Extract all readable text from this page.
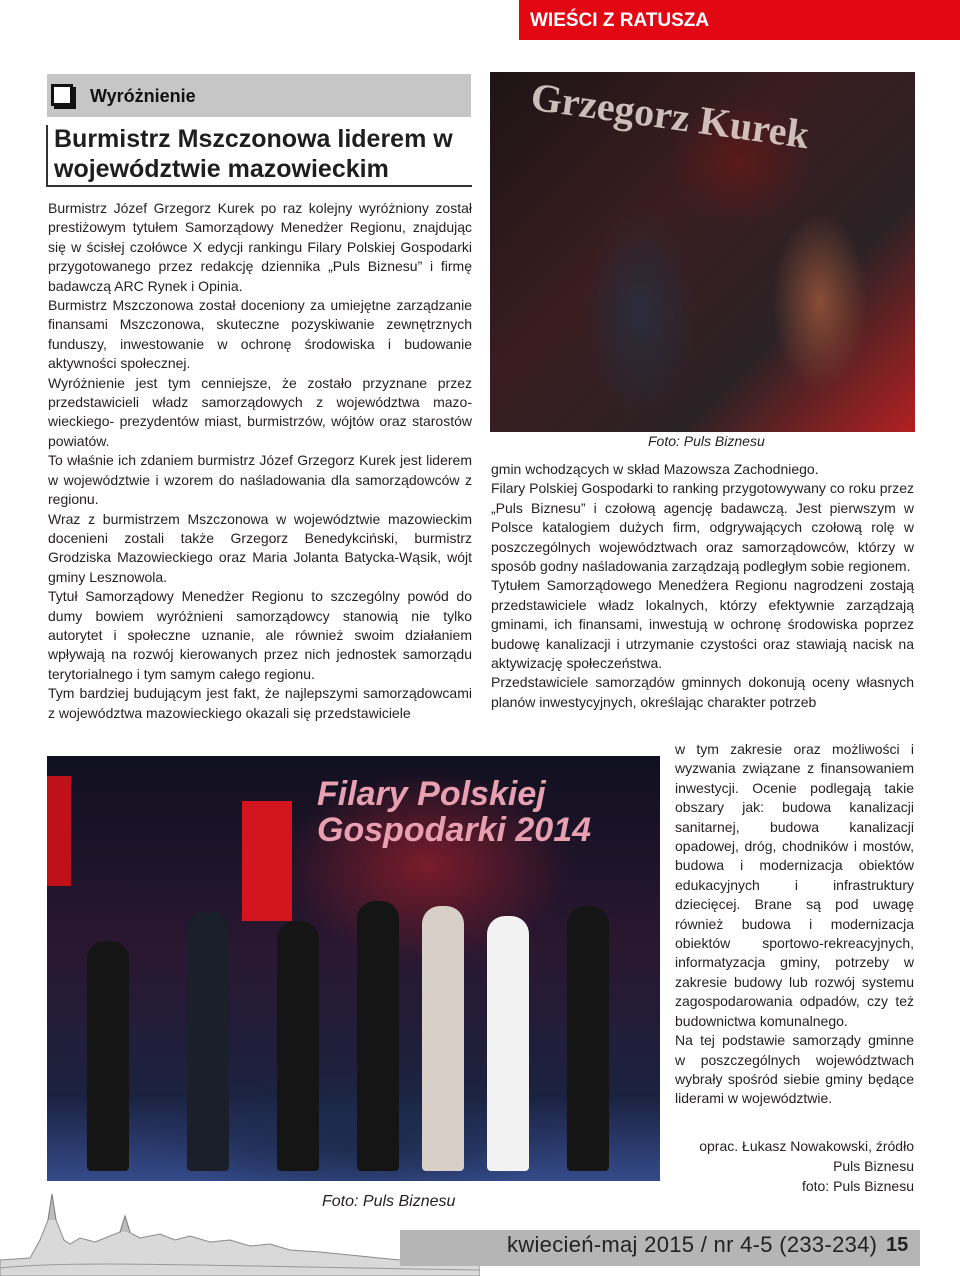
WIEŚCI Z RATUSZA
Wyróżnienie
Burmistrz Mszczonowa liderem w województwie mazowieckim

Burmistrz Józef Grzegorz Kurek po raz kolejny wyróżniony został prestiżowym tytułem Samorządowy Menedżer Regionu, znajdując się w ścisłej czołówce X edycji rankingu Filary Polskiej Gospodarki przygotowanego przez redakcję dziennika „Puls Biznesu” i firmę badawczą ARC Rynek i Opinia.

Burmistrz Mszczonowa został doceniony za umiejętne zarządzanie finansami Mszczonowa, skuteczne pozyskiwanie zewnętrznych funduszy, inwestowanie w ochronę środowiska i budowanie aktywności społecznej.

Wyróżnienie jest tym cenniejsze, że zostało przyznane przez przedstawicieli władz samorządowych z województwa mazowieckiego- prezydentów miast, burmistrzów, wójtów oraz starostów powiatów.

To właśnie ich zdaniem burmistrz Józef Grzegorz Kurek jest liderem w województwie i wzorem do naśladowania dla samorządowców z regionu.

Wraz z burmistrzem Mszczonowa w województwie mazowieckim docenieni zostali także Grzegorz Benedykciński, burmistrz Grodziska Mazowieckiego oraz Maria Jolanta Batycka-Wąsik, wójt gminy Lesznowola.

Tytuł Samorządowy Menedżer Regionu to szczególny powód do dumy bowiem wyróżnieni samorządowcy stanowią nie tylko autorytet i społeczne uznanie, ale również swoim działaniem wpływają na rozwój kierowanych przez nich jednostek samorządu terytorialnego i tym samym całego regionu.

Tym bardziej budującym jest fakt, że najlepszymi samorządowcami z województwa mazowieckiego okazali się przedstawiciele

Grzegorz Kurek
Foto: Puls Biznesu

gmin wchodzących w skład Mazowsza Zachodniego.

Filary Polskiej Gospodarki to ranking przygotowywany co roku przez „Puls Biznesu” i czołową agencję badawczą. Jest pierwszym w Polsce katalogiem dużych firm, odgrywających czołową rolę w poszczególnych województwach oraz samorządowców, którzy w sposób godny naśladowania zarządzają podległym sobie regionem.

Tytułem Samorządowego Menedżera Regionu nagrodzeni zostają przedstawiciele władz lokalnych, którzy efektywnie zarządzają gminami, ich finansami, inwestują w ochronę środowiska poprzez budowę kanalizacji i utrzymanie czystości oraz stawiają nacisk na aktywizację społeczeństwa.

Przedstawiciele samorządów gminnych dokonują oceny własnych planów inwestycyjnych, określając charakter potrzeb

w tym zakresie oraz możliwości i wyzwania związane z finansowaniem inwestycji. Ocenie podlegają takie obszary jak: budowa kanalizacji sanitarnej, budowa kanalizacji opadowej, dróg, chodników i mostów, budowa i modernizacja obiektów edukacyjnych i infrastruktury dziecięcej. Brane są pod uwagę również budowa i modernizacja obiektów sportowo-rekreacyjnych, informatyzacja gminy, potrzeby w zakresie budowy lub rozwój systemu zagospodarowania odpadów, czy też budownictwa komunalnego.

Na tej podstawie samorządy gminne w poszczególnych województwach wybrały spośród siebie gminy będące liderami w województwie.

Filary Polskiej Gospodarki 2014
Foto: Puls Biznesu
oprac. Łukasz Nowakowski, źródło
Puls Biznesu
foto: Puls Biznesu
kwiecień-maj 2015 / nr 4-5 (233-234) 15
